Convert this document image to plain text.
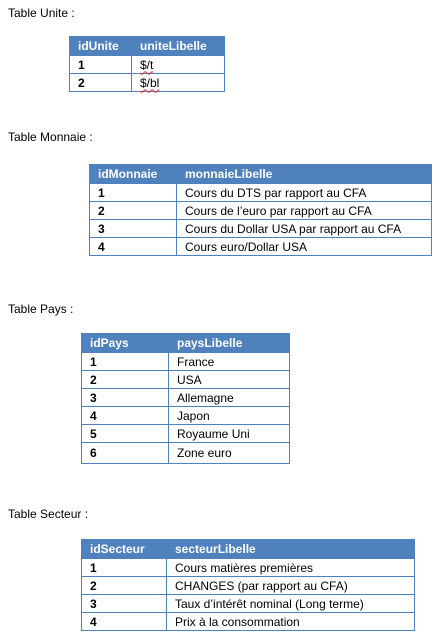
Table Unite :
idUnite	uniteLibelle
1	$/t
2	$/bl
Table Monnaie :
idMonnaie	monnaieLibelle
1	Cours du DTS par rapport au CFA
2	Cours de l’euro par rapport au CFA
3	Cours du Dollar USA par rapport au CFA
4	Cours euro/Dollar USA
Table Pays :
idPays	paysLibelle
1	France
2	USA
3	Allemagne
4	Japon
5	Royaume Uni
6	Zone euro
Table Secteur :
idSecteur	secteurLibelle
1	Cours matières premières
2	CHANGES (par rapport au CFA)
3	Taux d’intérêt nominal (Long terme)
4	Prix à la consommation
